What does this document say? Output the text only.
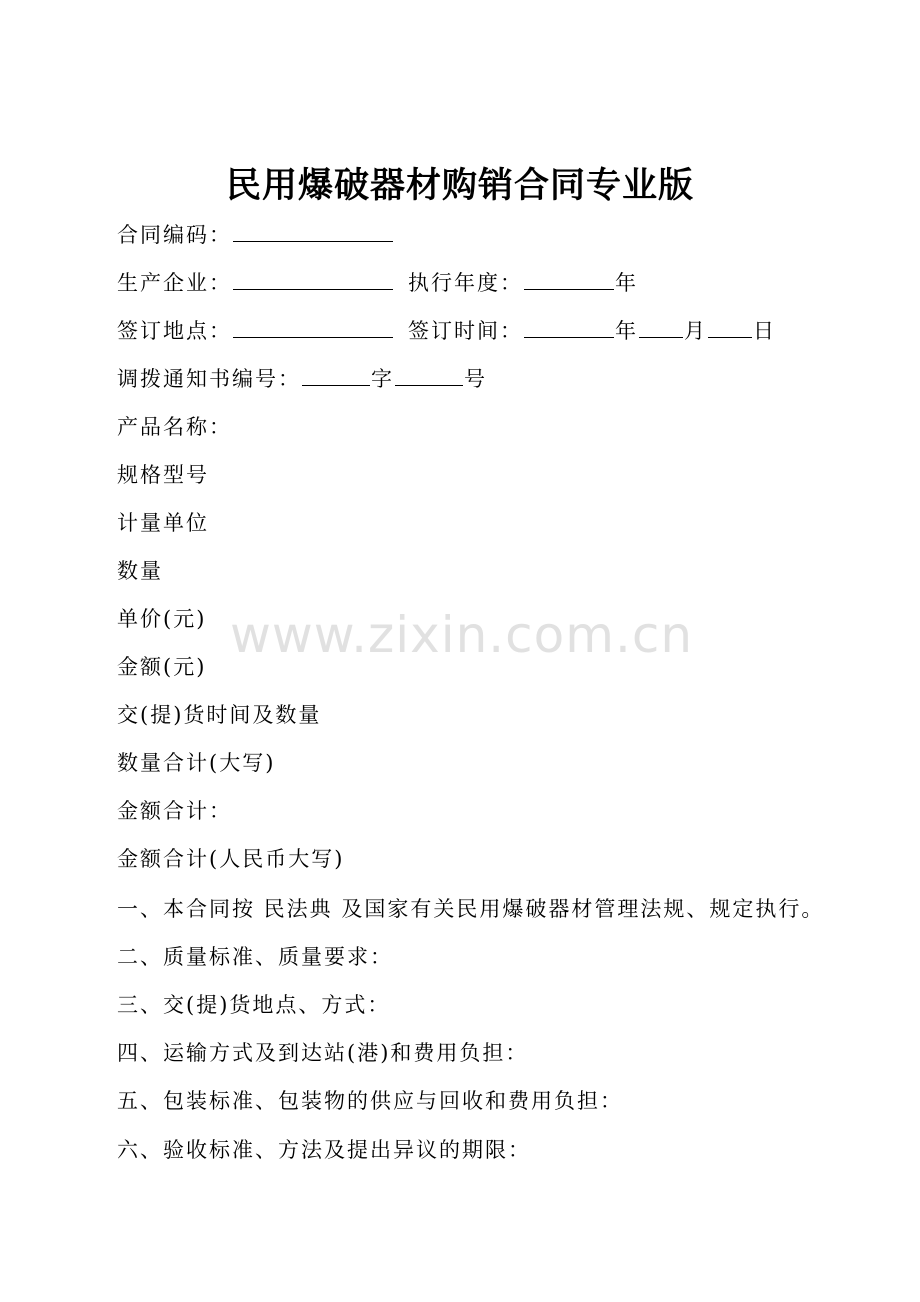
www.zixin.com.cn
民用爆破器材购销合同专业版
合同编码：
生产企业：	执行年度：	年
签订地点：	签订时间：	年 月 日
调拨通知书编号：	字	号
产品名称：
规格型号
计量单位
数量
单价(元)
金额(元)
交(提)货时间及数量
数量合计(大写)
金额合计：
金额合计(人民币大写)
一、本合同按 民法典 及国家有关民用爆破器材管理法规、规定执行。
二、质量标准、质量要求：
三、交(提)货地点、方式：
四、运输方式及到达站(港)和费用负担：
五、包装标准、包装物的供应与回收和费用负担：
六、验收标准、方法及提出异议的期限：
